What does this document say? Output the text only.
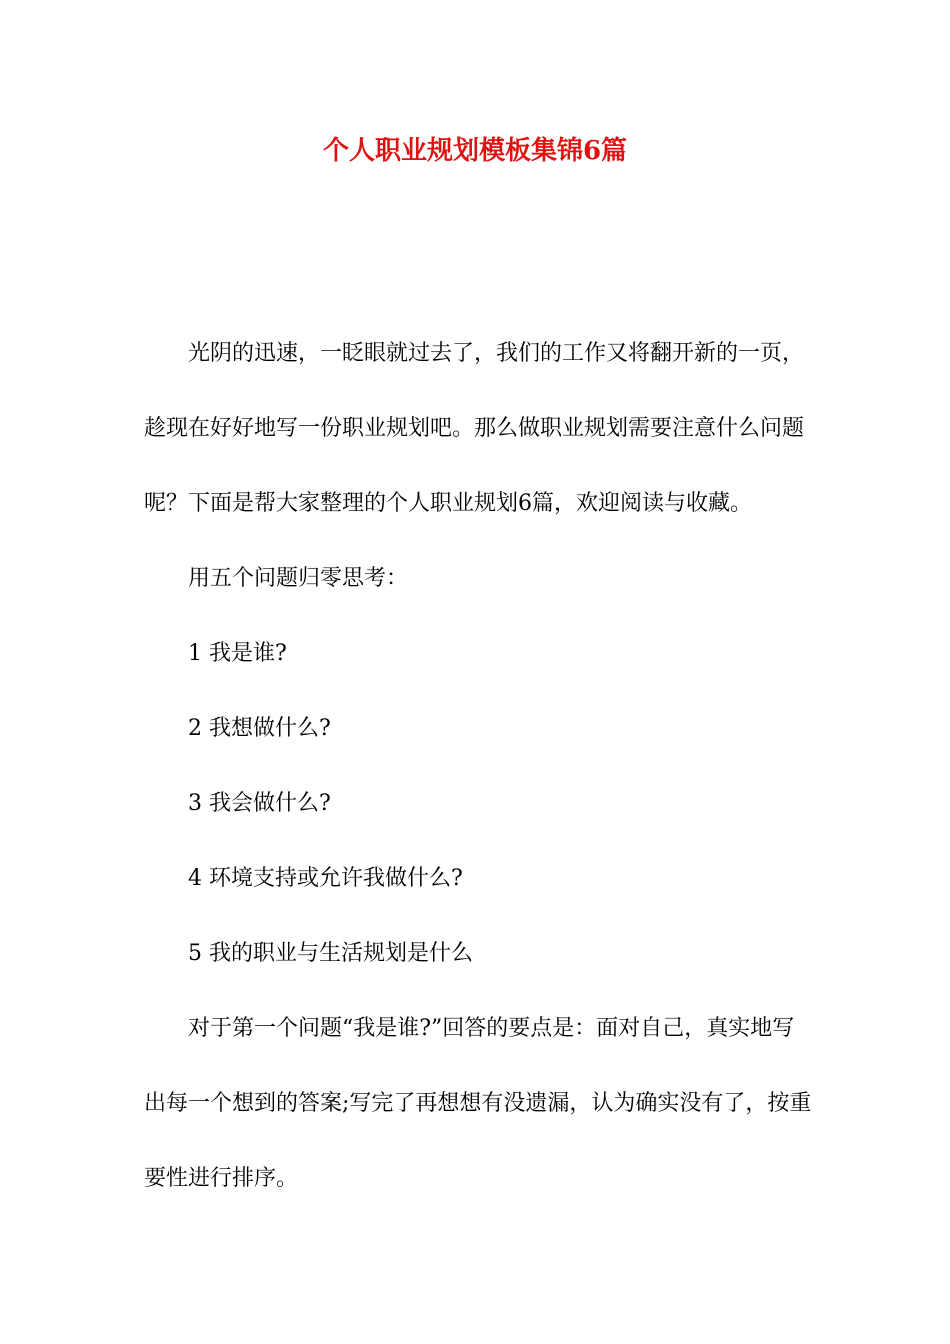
个人职业规划模板集锦6篇

光阴的迅速，一眨眼就过去了，我们的工作又将翻开新的一页，趁现在好好地写一份职业规划吧。那么做职业规划需要注意什么问题呢？下面是帮大家整理的个人职业规划6篇，欢迎阅读与收藏。

用五个问题归零思考：

1 我是谁?

2 我想做什么?

3 我会做什么?

4 环境支持或允许我做什么?

5 我的职业与生活规划是什么

对于第一个问题“我是谁?”回答的要点是：面对自己，真实地写出每一个想到的答案;写完了再想想有没遗漏，认为确实没有了，按重要性进行排序。
